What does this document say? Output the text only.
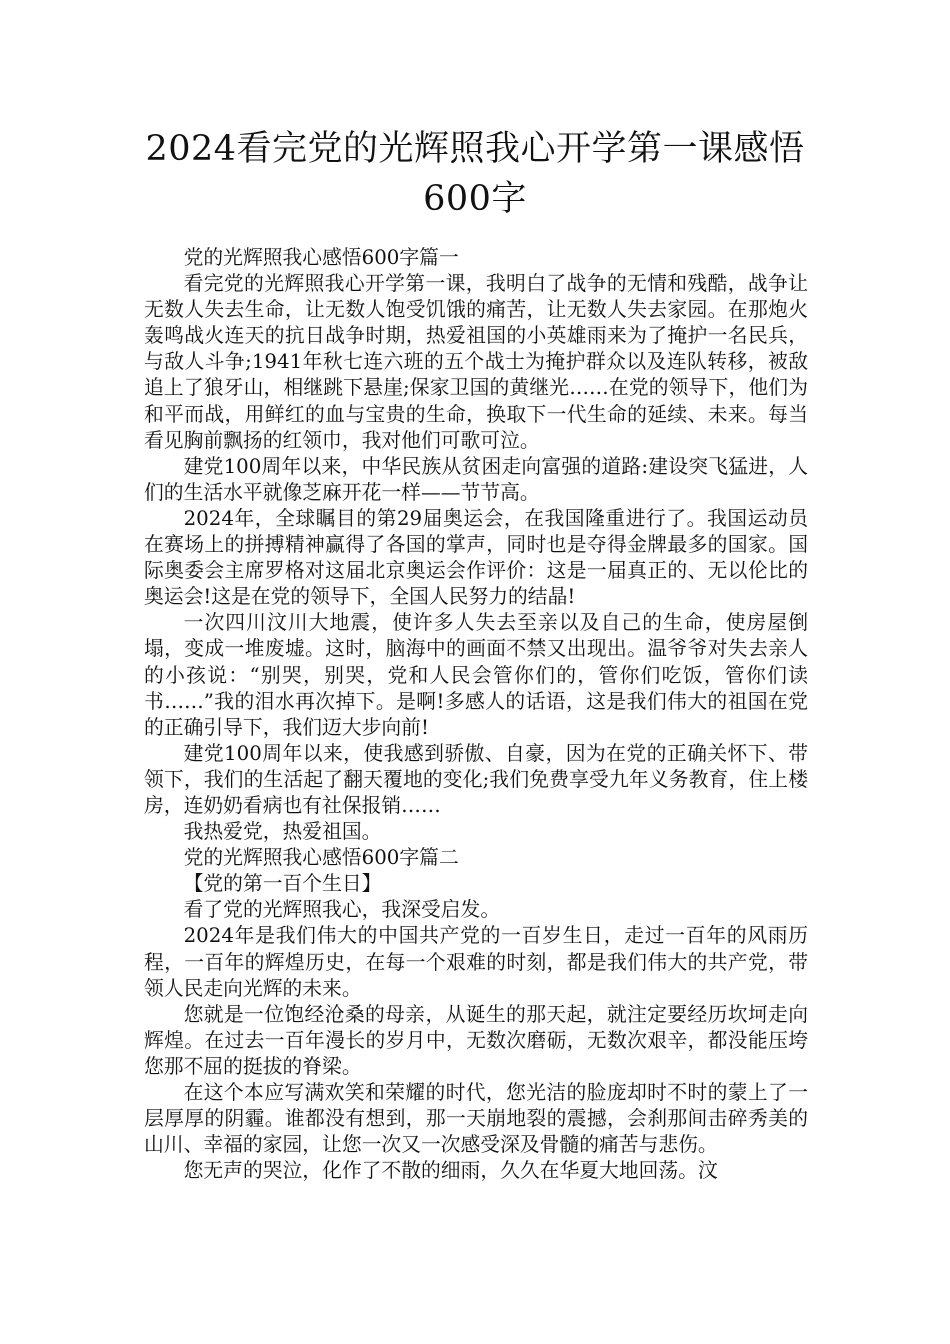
2024看完党的光辉照我心开学第一课感悟
600字

党的光辉照我心感悟600字篇一

看完党的光辉照我心开学第一课，我明白了战争的无情和残酷，战争让无数人失去生命，让无数人饱受饥饿的痛苦，让无数人失去家园。在那炮火轰鸣战火连天的抗日战争时期，热爱祖国的小英雄雨来为了掩护一名民兵，与敌人斗争;1941年秋七连六班的五个战士为掩护群众以及连队转移，被敌追上了狼牙山，相继跳下悬崖;保家卫国的黄继光……在党的领导下，他们为和平而战，用鲜红的血与宝贵的生命，换取下一代生命的延续、未来。每当看见胸前飘扬的红领巾，我对他们可歌可泣。

建党100周年以来，中华民族从贫困走向富强的道路:建设突飞猛进，人们的生活水平就像芝麻开花一样——节节高。

2024年，全球瞩目的第29届奥运会，在我国隆重进行了。我国运动员在赛场上的拼搏精神赢得了各国的掌声，同时也是夺得金牌最多的国家。国际奥委会主席罗格对这届北京奥运会作评价：这是一届真正的、无以伦比的奥运会!这是在党的领导下，全国人民努力的结晶!

一次四川汶川大地震，使许多人失去至亲以及自己的生命，使房屋倒塌，变成一堆废墟。这时，脑海中的画面不禁又出现出。温爷爷对失去亲人的小孩说：“别哭，别哭，党和人民会管你们的，管你们吃饭，管你们读书……”我的泪水再次掉下。是啊!多感人的话语，这是我们伟大的祖国在党的正确引导下，我们迈大步向前!

建党100周年以来，使我感到骄傲、自豪，因为在党的正确关怀下、带领下，我们的生活起了翻天覆地的变化;我们免费享受九年义务教育，住上楼房，连奶奶看病也有社保报销……

我热爱党，热爱祖国。

党的光辉照我心感悟600字篇二

【党的第一百个生日】

看了党的光辉照我心，我深受启发。

2024年是我们伟大的中国共产党的一百岁生日，走过一百年的风雨历程，一百年的辉煌历史，在每一个艰难的时刻，都是我们伟大的共产党，带领人民走向光辉的未来。

您就是一位饱经沧桑的母亲，从诞生的那天起，就注定要经历坎坷走向辉煌。在过去一百年漫长的岁月中，无数次磨砺，无数次艰辛，都没能压垮您那不屈的挺拔的脊梁。

在这个本应写满欢笑和荣耀的时代，您光洁的脸庞却时不时的蒙上了一层厚厚的阴霾。谁都没有想到，那一天崩地裂的震撼，会刹那间击碎秀美的山川、幸福的家园，让您一次又一次感受深及骨髓的痛苦与悲伤。

您无声的哭泣，化作了不散的细雨，久久在华夏大地回荡。汶
